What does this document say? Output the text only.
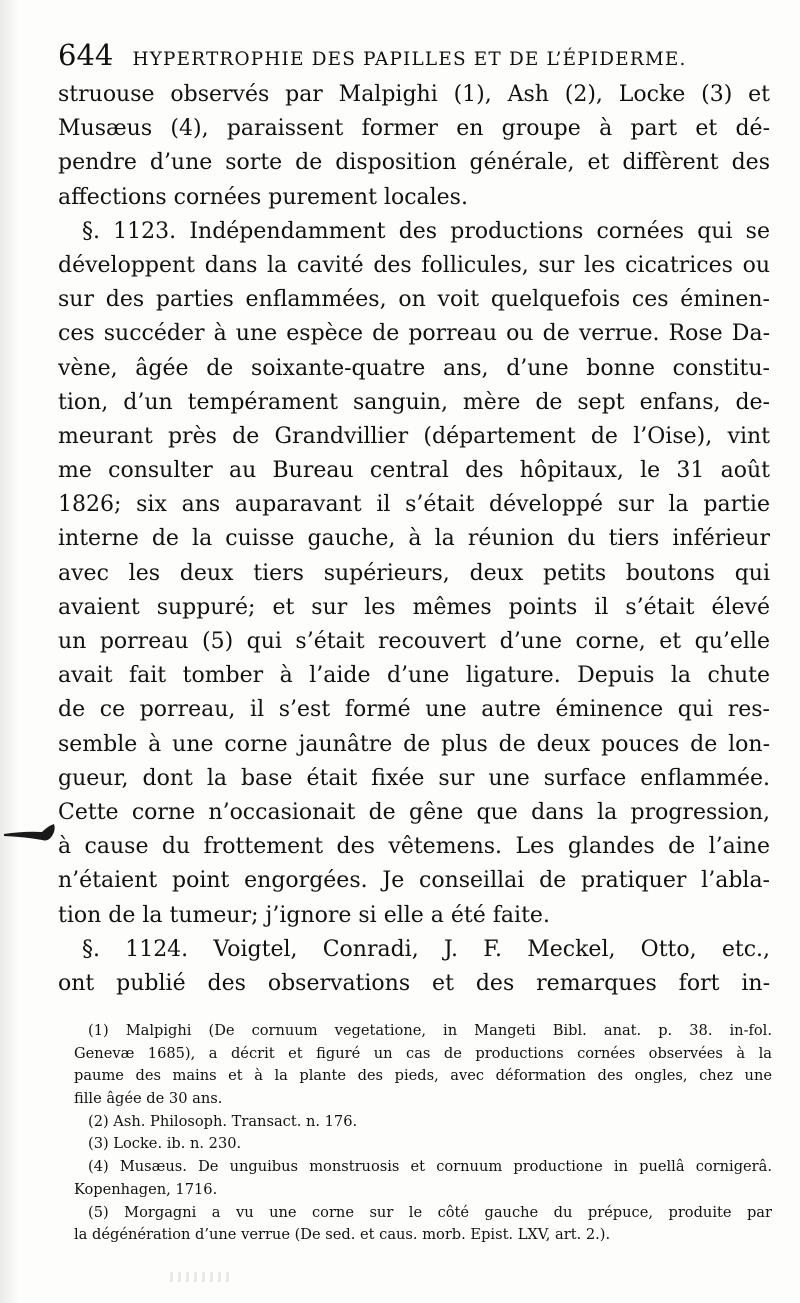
644 HYPERTROPHIE DES PAPILLES ET DE L’ÉPIDERME.
struouse observés par Malpighi (1), Ash (2), Locke (3) et
Musæus (4), paraissent former en groupe à part et dé-
pendre d’une sorte de disposition générale, et diffèrent des
affections cornées purement locales.
§. 1123. Indépendamment des productions cornées qui se
développent dans la cavité des follicules, sur les cicatrices ou
sur des parties enflammées, on voit quelquefois ces éminen-
ces succéder à une espèce de porreau ou de verrue. Rose Da-
vène, âgée de soixante-quatre ans, d’une bonne constitu-
tion, d’un tempérament sanguin, mère de sept enfans, de-
meurant près de Grandvillier (département de l’Oise), vint
me consulter au Bureau central des hôpitaux, le 31 août
1826; six ans auparavant il s’était développé sur la partie
interne de la cuisse gauche, à la réunion du tiers inférieur
avec les deux tiers supérieurs, deux petits boutons qui
avaient suppuré; et sur les mêmes points il s’était élevé
un porreau (5) qui s’était recouvert d’une corne, et qu’elle
avait fait tomber à l’aide d’une ligature. Depuis la chute
de ce porreau, il s’est formé une autre éminence qui res-
semble à une corne jaunâtre de plus de deux pouces de lon-
gueur, dont la base était fixée sur une surface enflammée.
Cette corne n’occasionait de gêne que dans la progression,
à cause du frottement des vêtemens. Les glandes de l’aine
n’étaient point engorgées. Je conseillai de pratiquer l’abla-
tion de la tumeur; j’ignore si elle a été faite.
§. 1124. Voigtel, Conradi, J. F. Meckel, Otto, etc.,
ont publié des observations et des remarques fort in-
(1) Malpighi (De cornuum vegetatione, in Mangeti Bibl. anat. p. 38. in-fol.
Genevæ 1685), a décrit et figuré un cas de productions cornées observées à la
paume des mains et à la plante des pieds, avec déformation des ongles, chez une
fille âgée de 30 ans.
(2) Ash. Philosoph. Transact. n. 176.
(3) Locke. ib. n. 230.
(4) Musæus. De unguibus monstruosis et cornuum productione in puellâ cornigerâ.
Kopenhagen, 1716.
(5) Morgagni a vu une corne sur le côté gauche du prépuce, produite par
la dégénération d’une verrue (De sed. et caus. morb. Epist. LXV, art. 2.).
